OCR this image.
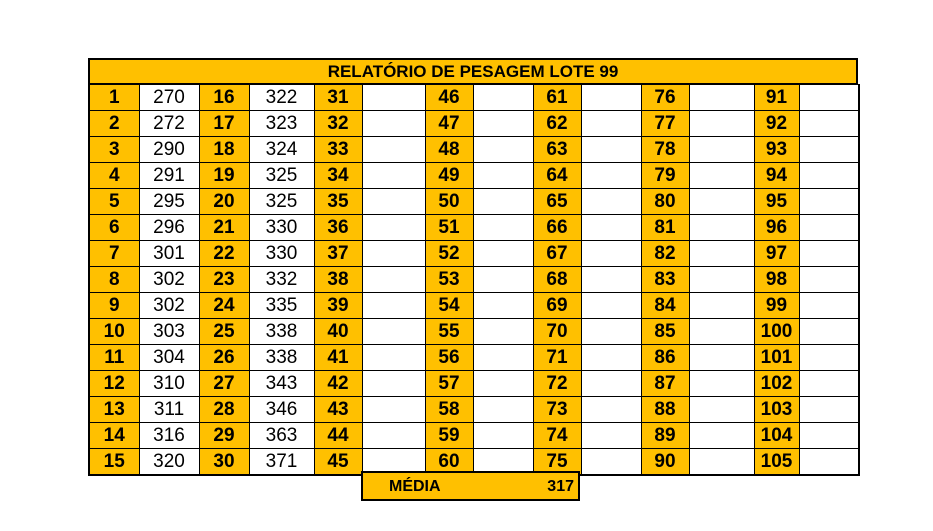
RELATÓRIO DE PESAGEM LOTE 99
1	270	16	322	31		46		61		76		91	
2	272	17	323	32		47		62		77		92	
3	290	18	324	33		48		63		78		93	
4	291	19	325	34		49		64		79		94	
5	295	20	325	35		50		65		80		95	
6	296	21	330	36		51		66		81		96	
7	301	22	330	37		52		67		82		97	
8	302	23	332	38		53		68		83		98	
9	302	24	335	39		54		69		84		99	
10	303	25	338	40		55		70		85		100	
11	304	26	338	41		56		71		86		101	
12	310	27	343	42		57		72		87		102	
13	311	28	346	43		58		73		88		103	
14	316	29	363	44		59		74		89		104	
15	320	30	371	45		60		75		90		105	
MÉDIA	317
